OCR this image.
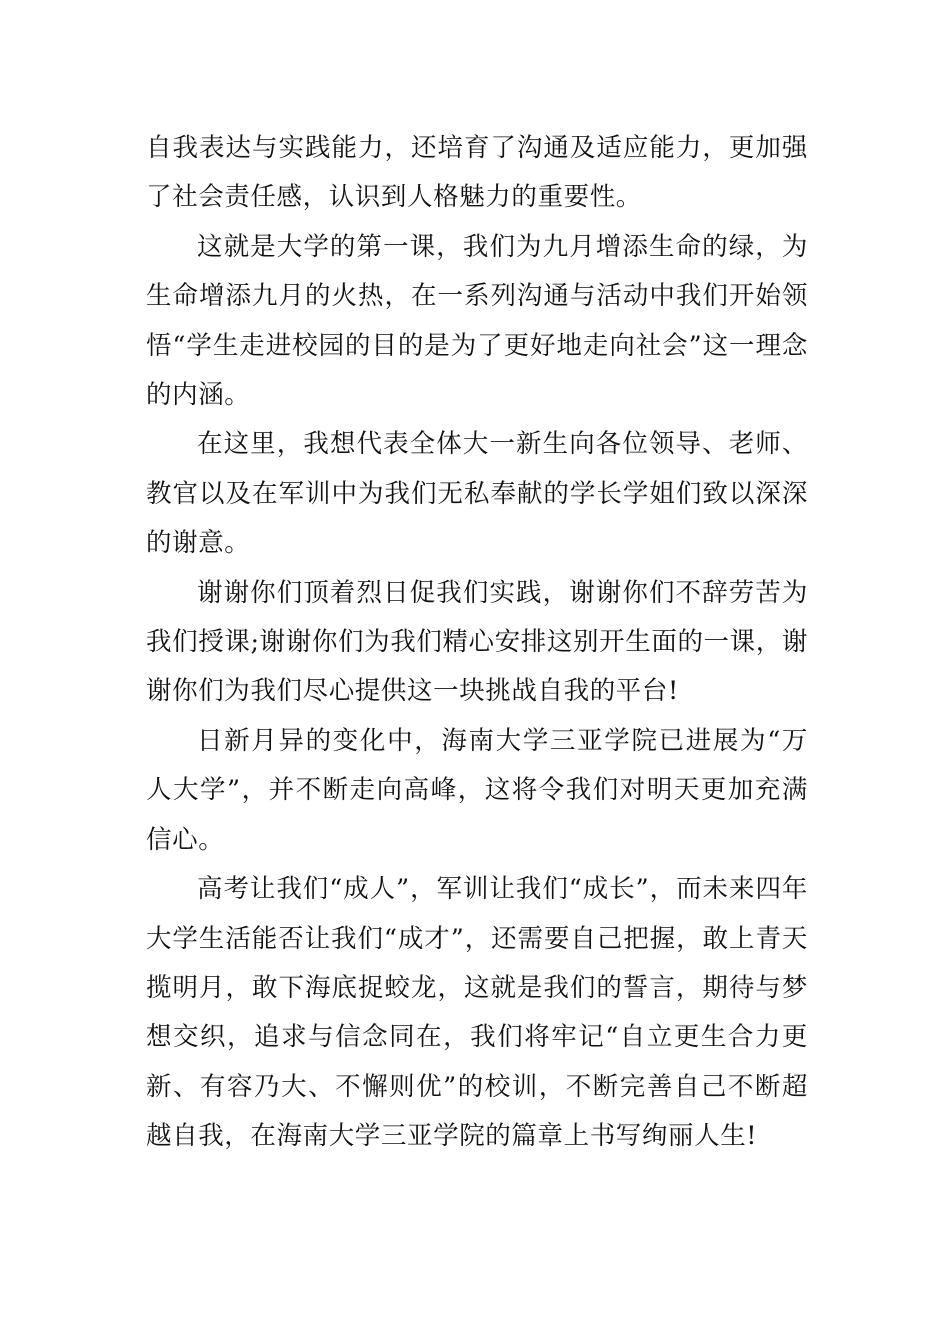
自我表达与实践能力，还培育了沟通及适应能力，更加强了社会责任感，认识到人格魅力的重要性。

这就是大学的第一课，我们为九月增添生命的绿，为生命增添九月的火热，在一系列沟通与活动中我们开始领悟“学生走进校园的目的是为了更好地走向社会”这一理念的内涵。

在这里，我想代表全体大一新生向各位领导、老师、教官以及在军训中为我们无私奉献的学长学姐们致以深深的谢意。

谢谢你们顶着烈日促我们实践，谢谢你们不辞劳苦为我们授课;谢谢你们为我们精心安排这别开生面的一课，谢谢你们为我们尽心提供这一块挑战自我的平台!

日新月异的变化中，海南大学三亚学院已进展为“万人大学”，并不断走向高峰，这将令我们对明天更加充满信心。

高考让我们“成人”，军训让我们“成长”，而未来四年大学生活能否让我们“成才”，还需要自己把握，敢上青天揽明月，敢下海底捉蛟龙，这就是我们的誓言，期待与梦想交织，追求与信念同在，我们将牢记“自立更生合力更新、有容乃大、不懈则优”的校训，不断完善自己不断超越自我，在海南大学三亚学院的篇章上书写绚丽人生!
